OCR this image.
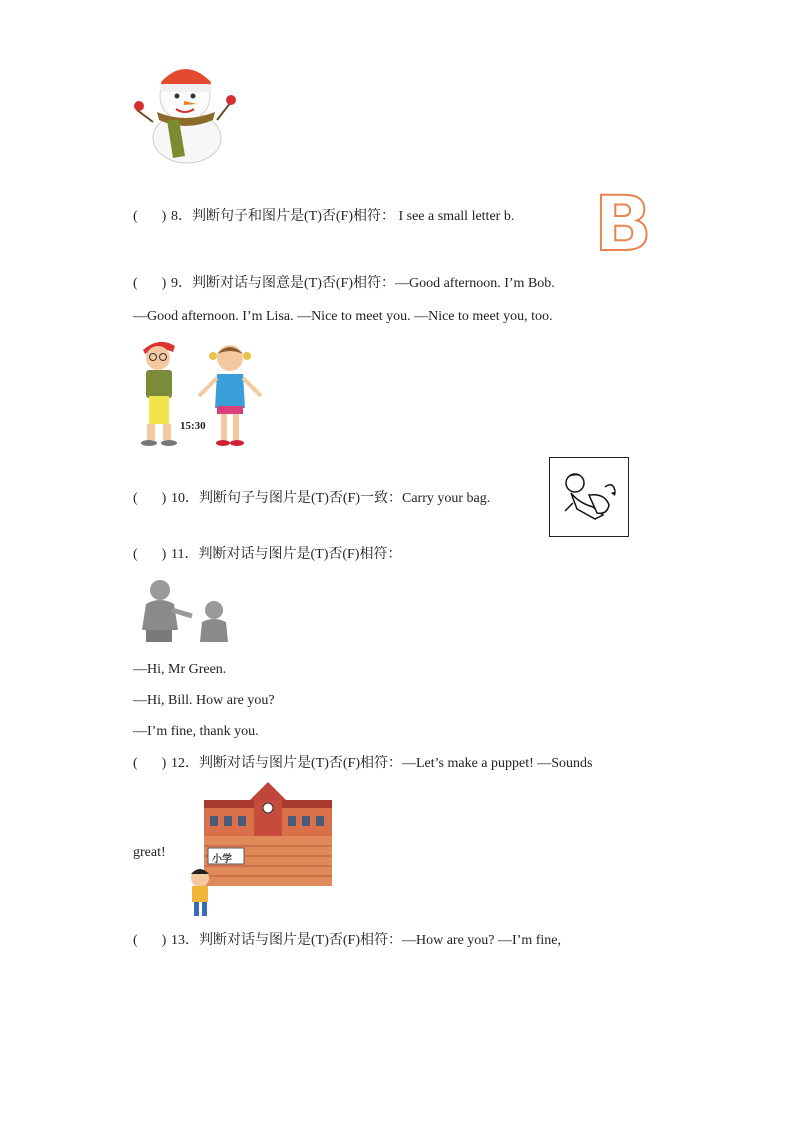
( ) 8．判断句子和图片是(T)否(F)相符： I see a small letter b. B
( ) 9．判断对话与图意是(T)否(F)相符：—Good afternoon. I’m Bob.
—Good afternoon. I’m Lisa. —Nice to meet you. —Nice to meet you, too.
15:30
( ) 10．判断句子与图片是(T)否(F)一致：Carry your bag.
( ) 11．判断对话与图片是(T)否(F)相符：
—Hi, Mr Green.
—Hi, Bill. How are you?
—I’m fine, thank you.
( ) 12．判断对话与图片是(T)否(F)相符：—Let’s make a puppet! —Sounds
great!	小学
( ) 13．判断对话与图片是(T)否(F)相符：—How are you? —I’m fine,
